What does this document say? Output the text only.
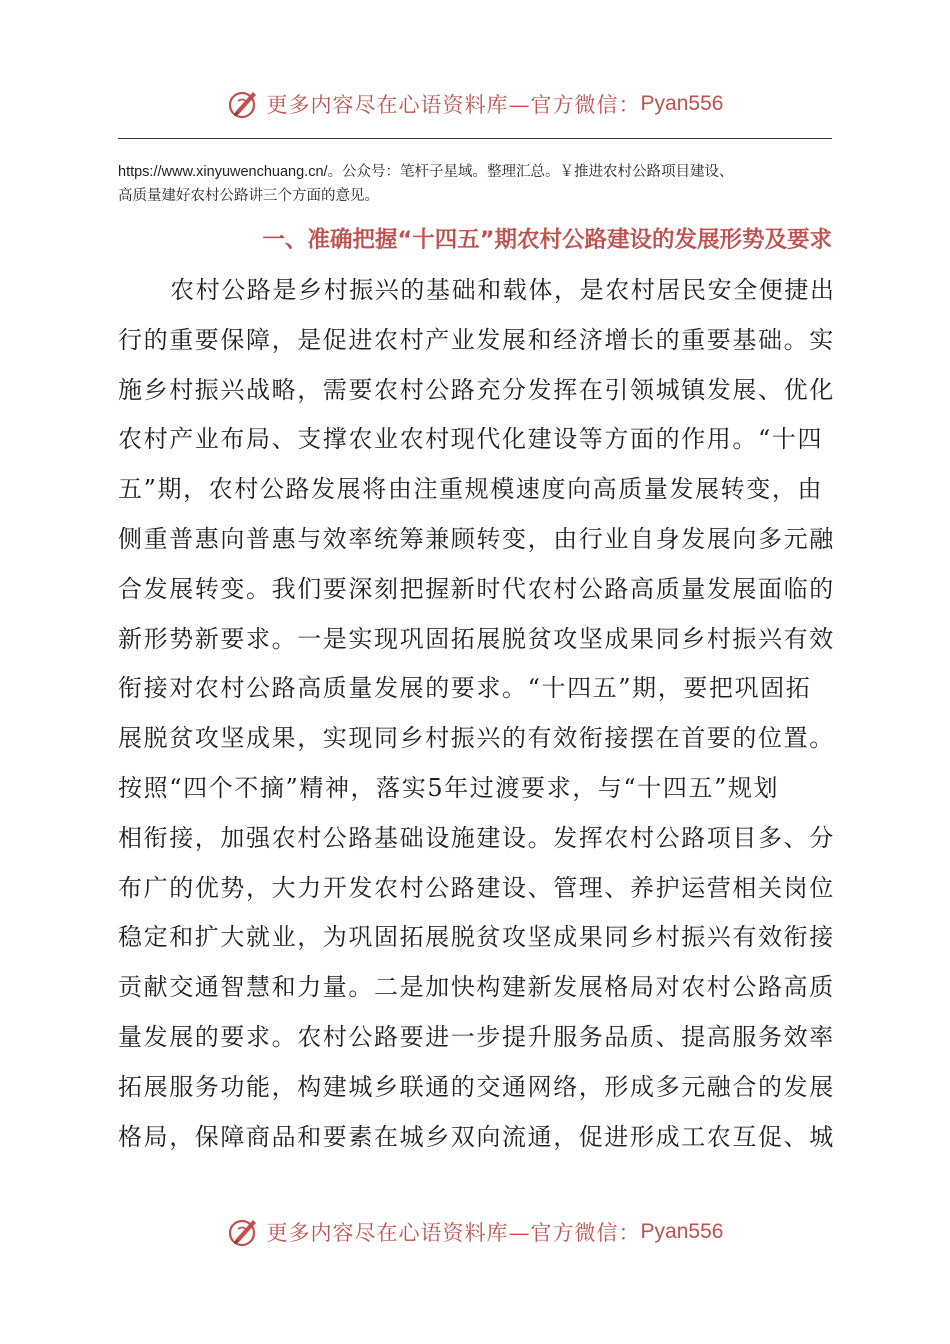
更多内容尽在心语资料库—官方微信： Pyan556
https://www.xinyuwenchuang.cn/。公众号：笔杆子星域。整理汇总。￥推进农村公路项目建设、
高质量建好农村公路讲三个方面的意见。
一、准确把握“十四五”期农村公路建设的发展形势及要求
农村公路是乡村振兴的基础和载体，是农村居民安全便捷出
行的重要保障，是促进农村产业发展和经济增长的重要基础。实
施乡村振兴战略，需要农村公路充分发挥在引领城镇发展、优化
农村产业布局、支撑农业农村现代化建设等方面的作用。“十四
五”期，农村公路发展将由注重规模速度向高质量发展转变，由
侧重普惠向普惠与效率统筹兼顾转变，由行业自身发展向多元融
合发展转变。我们要深刻把握新时代农村公路高质量发展面临的
新形势新要求。一是实现巩固拓展脱贫攻坚成果同乡村振兴有效
衔接对农村公路高质量发展的要求。“十四五”期，要把巩固拓
展脱贫攻坚成果，实现同乡村振兴的有效衔接摆在首要的位置。
按照“四个不摘”精神，落实5年过渡要求，与“十四五”规划
相衔接，加强农村公路基础设施建设。发挥农村公路项目多、分
布广的优势，大力开发农村公路建设、管理、养护运营相关岗位
稳定和扩大就业，为巩固拓展脱贫攻坚成果同乡村振兴有效衔接
贡献交通智慧和力量。二是加快构建新发展格局对农村公路高质
量发展的要求。农村公路要进一步提升服务品质、提高服务效率
拓展服务功能，构建城乡联通的交通网络，形成多元融合的发展
格局，保障商品和要素在城乡双向流通，促进形成工农互促、城
更多内容尽在心语资料库—官方微信： Pyan556
